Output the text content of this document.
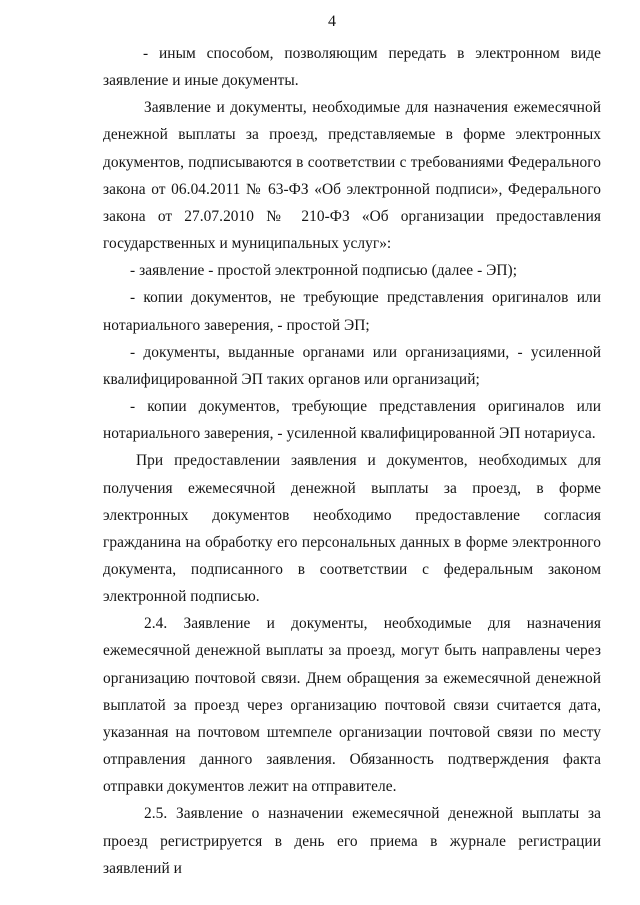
4

- иным способом, позволяющим передать в электронном виде заявление и иные документы.

Заявление и документы, необходимые для назначения ежемесячной денежной выплаты за проезд, представляемые в форме электронных документов, подписываются в соответствии с требованиями Федерального закона от 06.04.2011 № 63-ФЗ «Об электронной подписи», Федерального закона от 27.07.2010 № 210-ФЗ «Об организации предоставления государственных и муниципальных услуг»:

- заявление - простой электронной подписью (далее - ЭП);

- копии документов, не требующие представления оригиналов или нотариального заверения, - простой ЭП;

- документы, выданные органами или организациями, - усиленной квалифицированной ЭП таких органов или организаций;

- копии документов, требующие представления оригиналов или нотариального заверения, - усиленной квалифицированной ЭП нотариуса.

При предоставлении заявления и документов, необходимых для получения ежемесячной денежной выплаты за проезд, в форме электронных документов необходимо предоставление согласия гражданина на обработку его персональных данных в форме электронного документа, подписанного в соответствии с федеральным законом электронной подписью.

2.4. Заявление и документы, необходимые для назначения ежемесячной денежной выплаты за проезд, могут быть направлены через организацию почтовой связи. Днем обращения за ежемесячной денежной выплатой за проезд через организацию почтовой связи считается дата, указанная на почтовом штемпеле организации почтовой связи по месту отправления данного заявления. Обязанность подтверждения факта отправки документов лежит на отправителе.

2.5. Заявление о назначении ежемесячной денежной выплаты за проезд регистрируется в день его приема в журнале регистрации заявлений и
